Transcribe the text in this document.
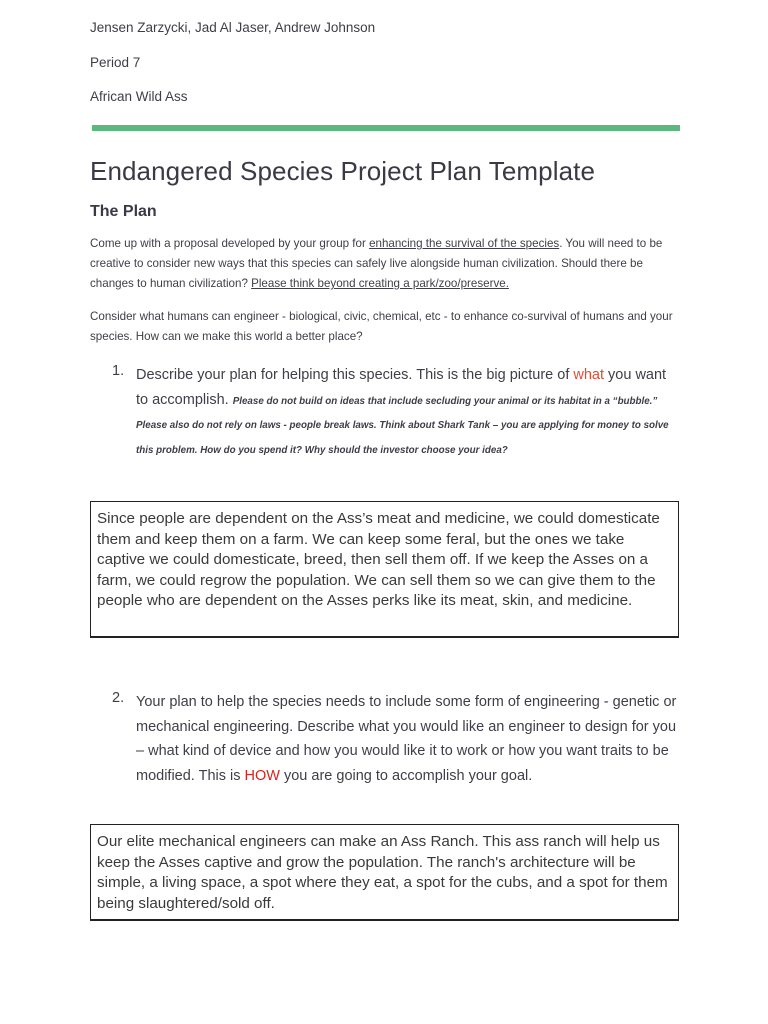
Jensen Zarzycki, Jad Al Jaser, Andrew Johnson
Period 7
African Wild Ass
Endangered Species Project Plan Template
The Plan

Come up with a proposal developed by your group for enhancing the survival of the species. You will need to be creative to consider new ways that this species can safely live alongside human civilization. Should there be changes to human civilization? Please think beyond creating a park/zoo/preserve.

Consider what humans can engineer - biological, civic, chemical, etc - to enhance co-survival of humans and your species. How can we make this world a better place?

1. Describe your plan for helping this species. This is the big picture of what you want to accomplish. Please do not build on ideas that include secluding your animal or its habitat in a “bubble.” Please also do not rely on laws - people break laws. Think about Shark Tank – you are applying for money to solve this problem. How do you spend it? Why should the investor choose your idea?
Since people are dependent on the Ass’s meat and medicine, we could domesticate them and keep them on a farm. We can keep some feral, but the ones we take captive we could domesticate, breed, then sell them off. If we keep the Asses on a farm, we could regrow the population. We can sell them so we can give them to the people who are dependent on the Asses perks like its meat, skin, and medicine.
2. Your plan to help the species needs to include some form of engineering - genetic or mechanical engineering. Describe what you would like an engineer to design for you – what kind of device and how you would like it to work or how you want traits to be modified. This is HOW you are going to accomplish your goal.
Our elite mechanical engineers can make an Ass Ranch. This ass ranch will help us keep the Asses captive and grow the population. The ranch's architecture will be simple, a living space, a spot where they eat, a spot for the cubs, and a spot for them being slaughtered/sold off.
